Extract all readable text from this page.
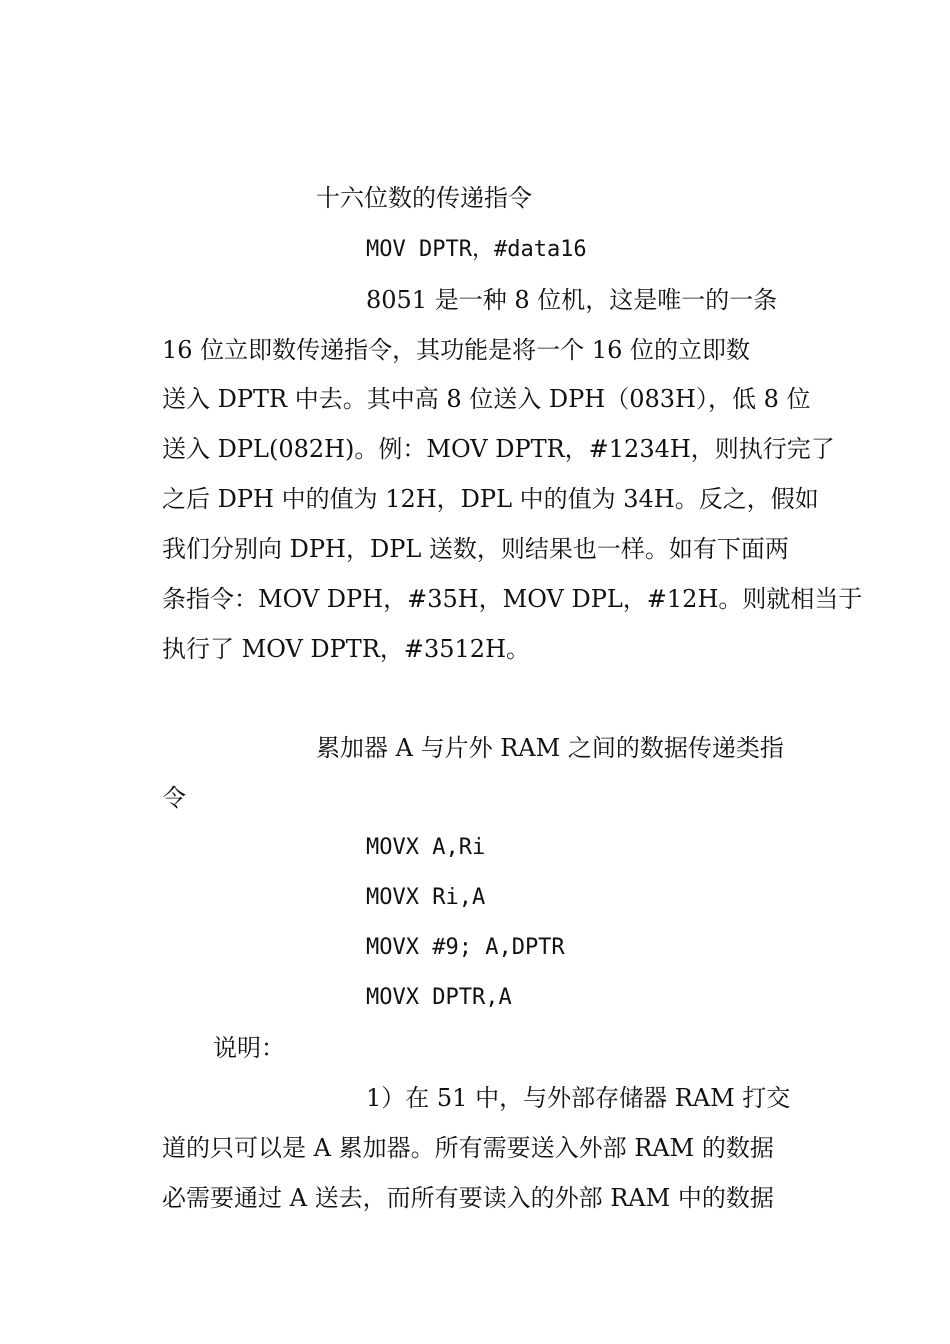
十六位数的传递指令
MOV DPTR，#data16
8051 是一种 8 位机，这是唯一的一条
16 位立即数传递指令，其功能是将一个 16 位的立即数
送入 DPTR 中去。其中高 8 位送入 DPH（083H），低 8 位
送入 DPL(082H)。例：MOV DPTR，#1234H，则执行完了
之后 DPH 中的值为 12H，DPL 中的值为 34H。反之，假如
我们分别向 DPH，DPL 送数，则结果也一样。如有下面两
条指令：MOV DPH，#35H，MOV DPL，#12H。则就相当于
执行了 MOV DPTR，#3512H。
累加器 A 与片外 RAM 之间的数据传递类指
令
MOVX A,Ri
MOVX Ri,A
MOVX #9; A,DPTR
MOVX DPTR,A
说明：
1）在 51 中，与外部存储器 RAM 打交
道的只可以是 A 累加器。所有需要送入外部 RAM 的数据
必需要通过 A 送去，而所有要读入的外部 RAM 中的数据
